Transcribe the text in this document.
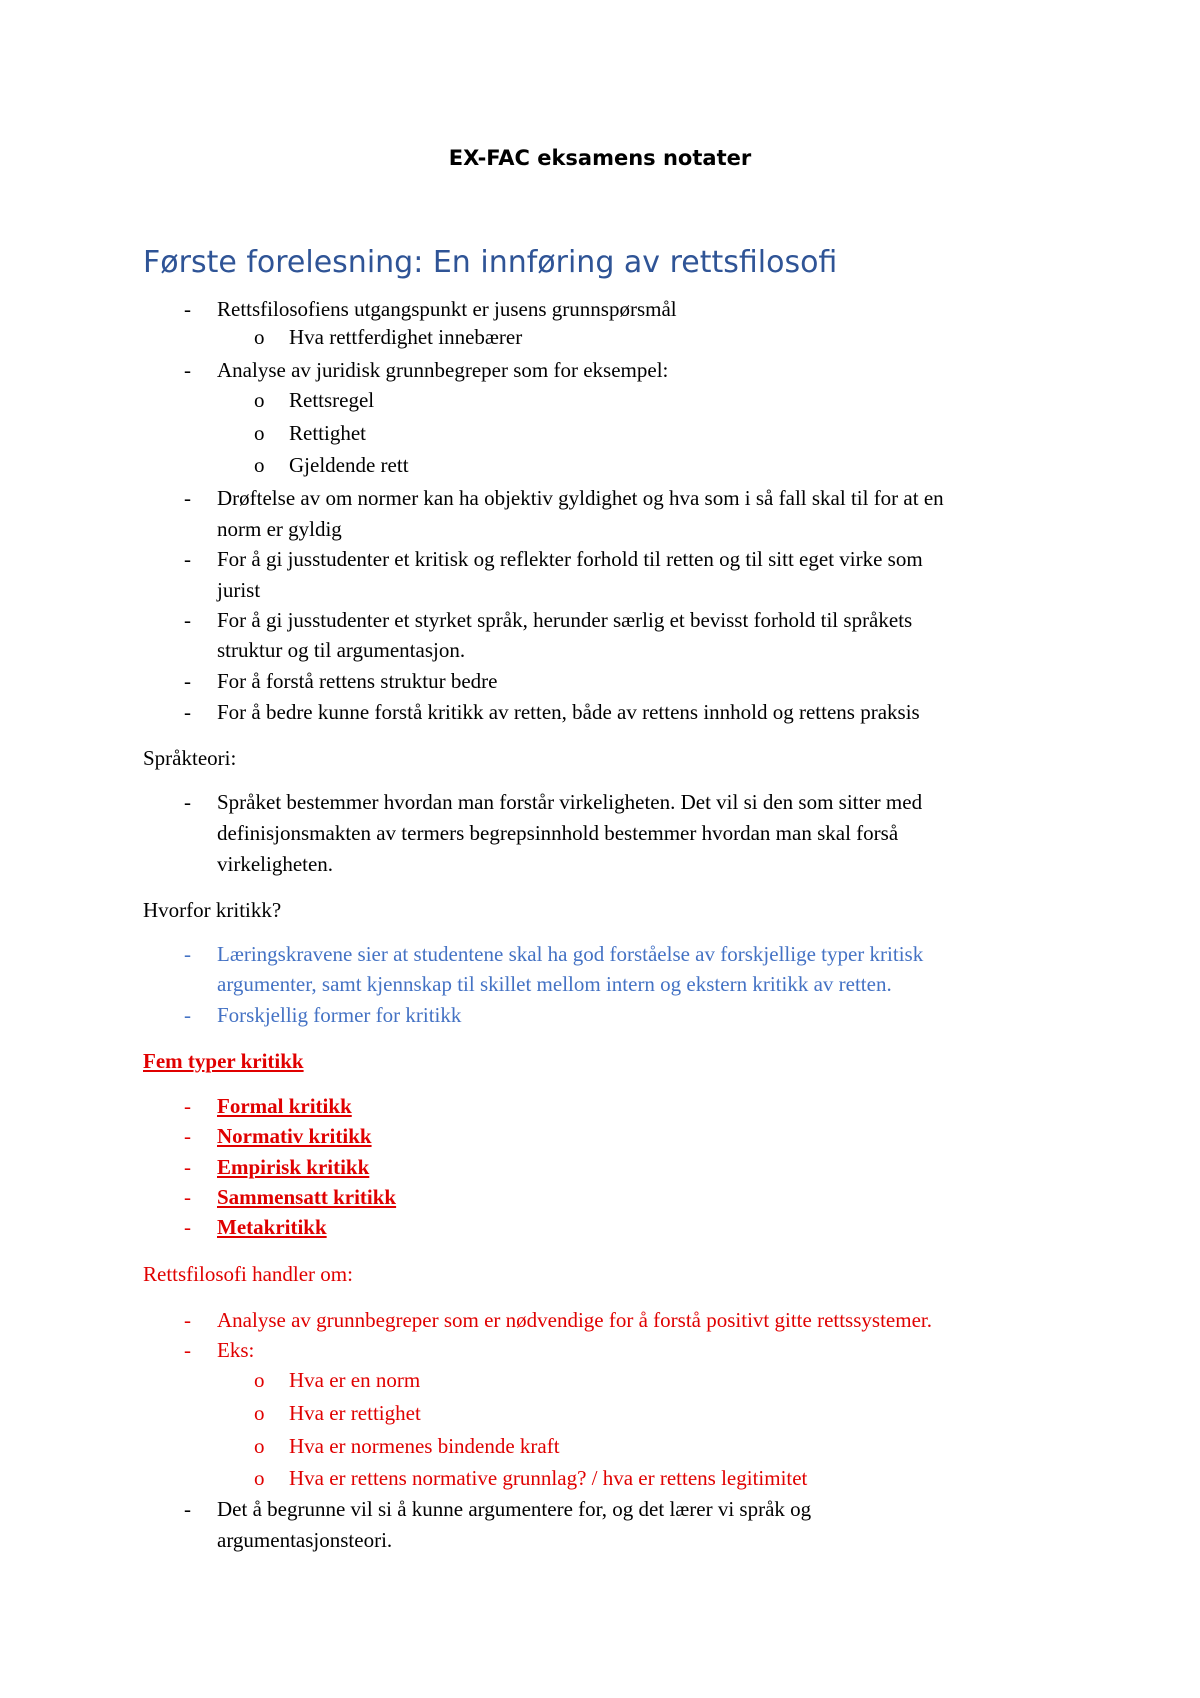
EX-FAC eksamens notater
Første forelesning: En innføring av rettsfilosofi
- Rettsfilosofiens utgangspunkt er jusens grunnspørsmål
o Hva rettferdighet innebærer
- Analyse av juridisk grunnbegreper som for eksempel:
o Rettsregel
o Rettighet
o Gjeldende rett
- Drøftelse av om normer kan ha objektiv gyldighet og hva som i så fall skal til for at en
norm er gyldig
- For å gi jusstudenter et kritisk og reflekter forhold til retten og til sitt eget virke som
jurist
- For å gi jusstudenter et styrket språk, herunder særlig et bevisst forhold til språkets
struktur og til argumentasjon.
- For å forstå rettens struktur bedre
- For å bedre kunne forstå kritikk av retten, både av rettens innhold og rettens praksis
Språkteori:
- Språket bestemmer hvordan man forstår virkeligheten. Det vil si den som sitter med
definisjonsmakten av termers begrepsinnhold bestemmer hvordan man skal forså
virkeligheten.
Hvorfor kritikk?
- Læringskravene sier at studentene skal ha god forståelse av forskjellige typer kritisk
argumenter, samt kjennskap til skillet mellom intern og ekstern kritikk av retten.
- Forskjellig former for kritikk
Fem typer kritikk
- Formal kritikk
- Normativ kritikk
- Empirisk kritikk
- Sammensatt kritikk
- Metakritikk
Rettsfilosofi handler om:
- Analyse av grunnbegreper som er nødvendige for å forstå positivt gitte rettssystemer.
- Eks:
o Hva er en norm
o Hva er rettighet
o Hva er normenes bindende kraft
o Hva er rettens normative grunnlag? / hva er rettens legitimitet
- Det å begrunne vil si å kunne argumentere for, og det lærer vi språk og
argumentasjonsteori.
